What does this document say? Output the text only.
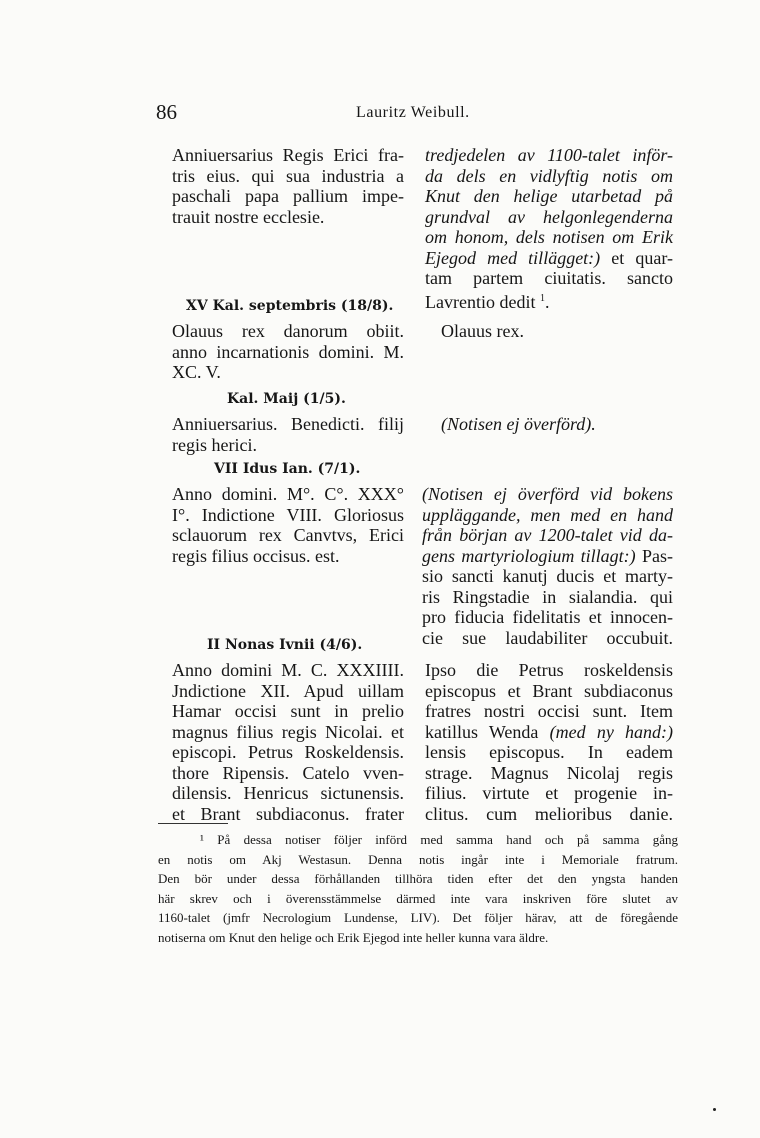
86	Lauritz Weibull.
Anniuersarius Regis Erici fra-
tris eius. qui sua industria a
paschali papa pallium impe-
trauit nostre ecclesie.
tredjedelen av 1100-talet inför-
da dels en vidlyftig notis om
Knut den helige utarbetad på
grundval av helgonlegenderna
om honom, dels notisen om Erik
Ejegod med tillägget:) et quar-
tam partem ciuitatis. sancto
Lavrentio dedit $^1$.
XV Kal. septembris (18/8).
Olauus rex danorum obiit.
anno incarnationis domini. M.
XC. V.
Olauus rex.
Kal. Maij (1/5).
Anniuersarius. Benedicti. filij
regis herici.
(Notisen ej överförd).
VII Idus Ian. (7/1).
Anno domini. M°. C°. XXX°
I°. Indictione VIII. Gloriosus
sclauorum rex Canvtvs, Erici
regis filius occisus. est.
(Notisen ej överförd vid bokens
uppläggande, men med en hand
från början av 1200-talet vid da-
gens martyriologium tillagt:) Pas-
sio sancti kanutj ducis et marty-
ris Ringstadie in sialandia. qui
pro fiducia fidelitatis et innocen-
cie sue laudabiliter occubuit.
II Nonas Ivnii (4/6).
Anno domini M. C. XXXIIII.
Jndictione XII. Apud uillam
Hamar occisi sunt in prelio
magnus filius regis Nicolai. et
episcopi. Petrus Roskeldensis.
thore Ripensis. Catelo vven-
dilensis. Henricus sictunensis.
et Brant subdiaconus. frater
Ipso die Petrus roskeldensis
episcopus et Brant subdiaconus
fratres nostri occisi sunt. Item
katillus Wenda (med ny hand:)
lensis episcopus. In eadem
strage. Magnus Nicolaj regis
filius. virtute et progenie in-
clitus. cum melioribus danie.
¹ På dessa notiser följer införd med samma hand och på samma gång
en notis om Akj Westasun. Denna notis ingår inte i Memoriale fratrum.
Den bör under dessa förhållanden tillhöra tiden efter det den yngsta handen
här skrev och i överensstämmelse därmed inte vara inskriven före slutet av
1160-talet (jmfr Necrologium Lundense, LIV). Det följer härav, att de föregående
notiserna om Knut den helige och Erik Ejegod inte heller kunna vara äldre.
